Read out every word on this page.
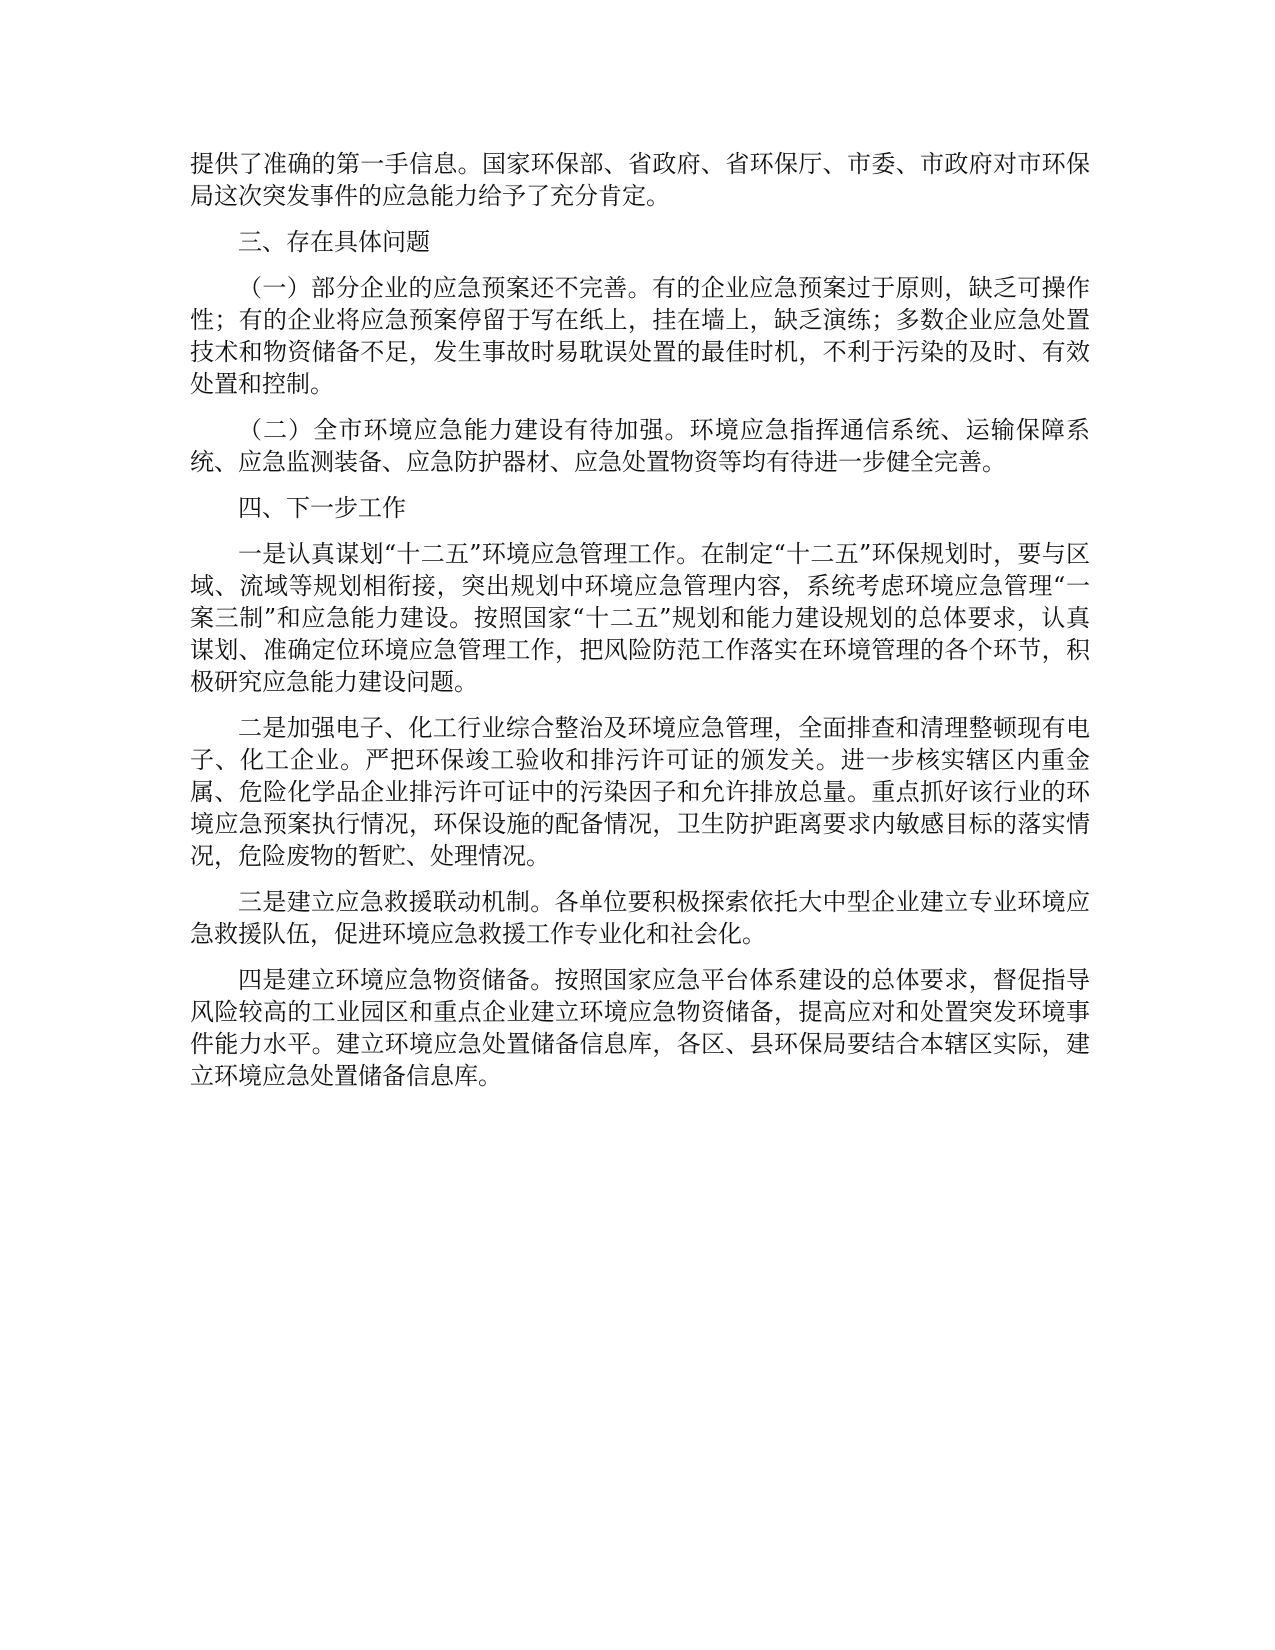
提供了准确的第一手信息。国家环保部、省政府、省环保厅、市委、市政府对市环保局这次突发事件的应急能力给予了充分肯定。

三、存在具体问题

（一）部分企业的应急预案还不完善。有的企业应急预案过于原则，缺乏可操作性；有的企业将应急预案停留于写在纸上，挂在墙上，缺乏演练；多数企业应急处置技术和物资储备不足，发生事故时易耽误处置的最佳时机，不利于污染的及时、有效处置和控制。

（二）全市环境应急能力建设有待加强。环境应急指挥通信系统、运输保障系统、应急监测装备、应急防护器材、应急处置物资等均有待进一步健全完善。

四、下一步工作

一是认真谋划“十二五”环境应急管理工作。在制定“十二五”环保规划时，要与区域、流域等规划相衔接，突出规划中环境应急管理内容，系统考虑环境应急管理“一案三制”和应急能力建设。按照国家“十二五”规划和能力建设规划的总体要求，认真谋划、准确定位环境应急管理工作，把风险防范工作落实在环境管理的各个环节，积极研究应急能力建设问题。

二是加强电子、化工行业综合整治及环境应急管理，全面排查和清理整顿现有电子、化工企业。严把环保竣工验收和排污许可证的颁发关。进一步核实辖区内重金属、危险化学品企业排污许可证中的污染因子和允许排放总量。重点抓好该行业的环境应急预案执行情况，环保设施的配备情况，卫生防护距离要求内敏感目标的落实情况，危险废物的暂贮、处理情况。

三是建立应急救援联动机制。各单位要积极探索依托大中型企业建立专业环境应急救援队伍，促进环境应急救援工作专业化和社会化。

四是建立环境应急物资储备。按照国家应急平台体系建设的总体要求，督促指导风险较高的工业园区和重点企业建立环境应急物资储备，提高应对和处置突发环境事件能力水平。建立环境应急处置储备信息库，各区、县环保局要结合本辖区实际，建立环境应急处置储备信息库。
